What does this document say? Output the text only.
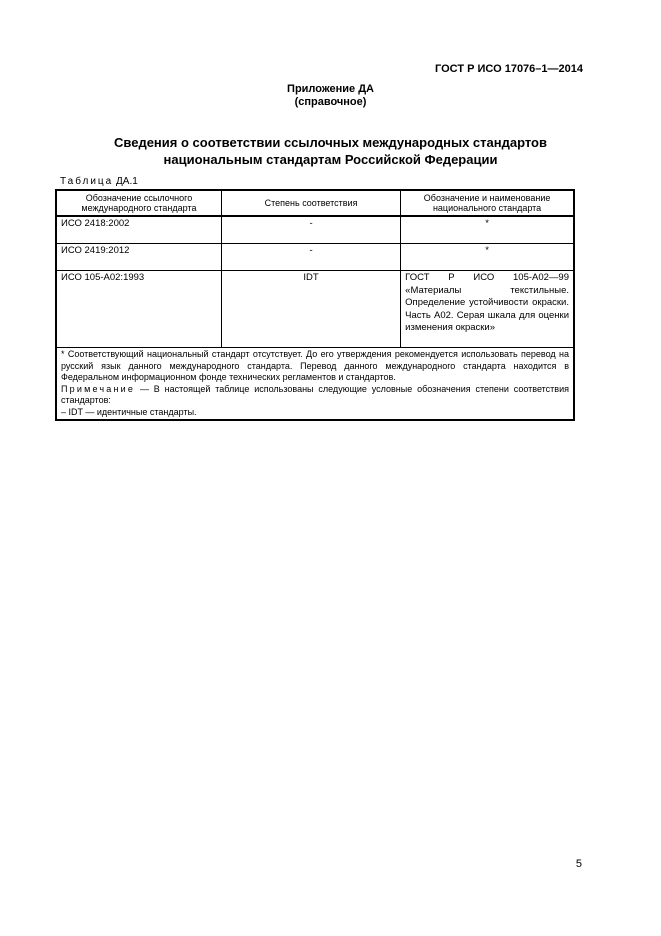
ГОСТ Р ИСО 17076–1—2014
Приложение ДА
(справочное)
Сведения о соответствии ссылочных международных стандартов
национальным стандартам Российской Федерации
Таблица ДА.1
Обозначение ссылочного международного стандарта	Степень соответствия	Обозначение и наименование национального стандарта
ИСО 2418:2002	-	*
ИСО 2419:2012	-	*
ИСО 105-A02:1993	IDT	ГОСТ Р ИСО 105-A02—99 «Материалы текстильные. Определение устойчивости окраски. Часть А02. Серая шкала для оценки изменения окраски»

* Соответствующий национальный стандарт отсутствует. До его утверждения рекомендуется использовать перевод на русский язык данного международного стандарта. Перевод данного международного стандарта находится в Федеральном информационном фонде технических регламентов и стандартов.
Примечание — В настоящей таблице использованы следующие условные обозначения степени соответствия стандартов:
– IDT — идентичные стандарты.		
5
